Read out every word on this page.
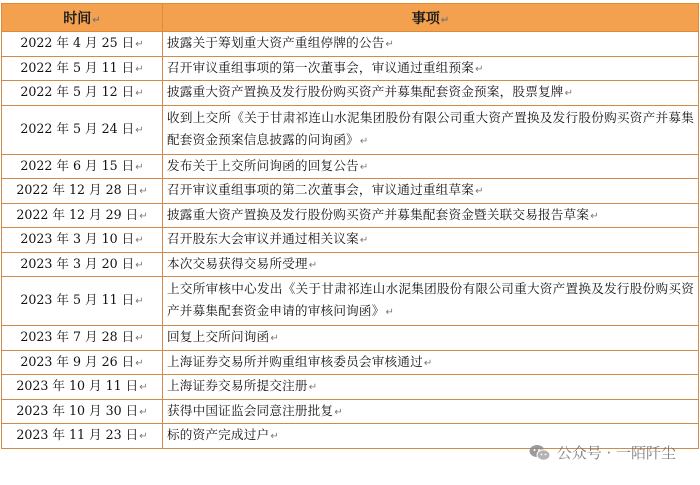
时间↵	事项↵
2022 年 4 月 25 日↵	披露关于筹划重大资产重组停牌的公告↵
2022 年 5 月 11 日↵	召开审议重组事项的第一次董事会，审议通过重组预案↵
2022 年 5 月 12 日↵	披露重大资产置换及发行股份购买资产并募集配套资金预案，股票复牌↵
2022 年 5 月 24 日↵	收到上交所《关于甘肃祁连山水泥集团股份有限公司重大资产置换及发行股份购买资产并募集配套资金预案信息披露的问询函》↵
2022 年 6 月 15 日↵	发布关于上交所问询函的回复公告↵
2022 年 12 月 28 日↵	召开审议重组事项的第二次董事会，审议通过重组草案↵
2022 年 12 月 29 日↵	披露重大资产置换及发行股份购买资产并募集配套资金暨关联交易报告草案↵
2023 年 3 月 10 日↵	召开股东大会审议并通过相关议案↵
2023 年 3 月 20 日↵	本次交易获得交易所受理↵
2023 年 5 月 11 日↵	上交所审核中心发出《关于甘肃祁连山水泥集团股份有限公司重大资产置换及发行股份购买资产并募集配套资金申请的审核问询函》↵
2023 年 7 月 28 日↵	回复上交所问询函↵
2023 年 9 月 26 日↵	上海证券交易所并购重组审核委员会审核通过↵
2023 年 10 月 11 日↵	上海证券交易所提交注册↵
2023 年 10 月 30 日↵	获得中国证监会同意注册批复↵
2023 年 11 月 23 日↵	标的资产完成过户↵
公众号 · 一陌阡尘
